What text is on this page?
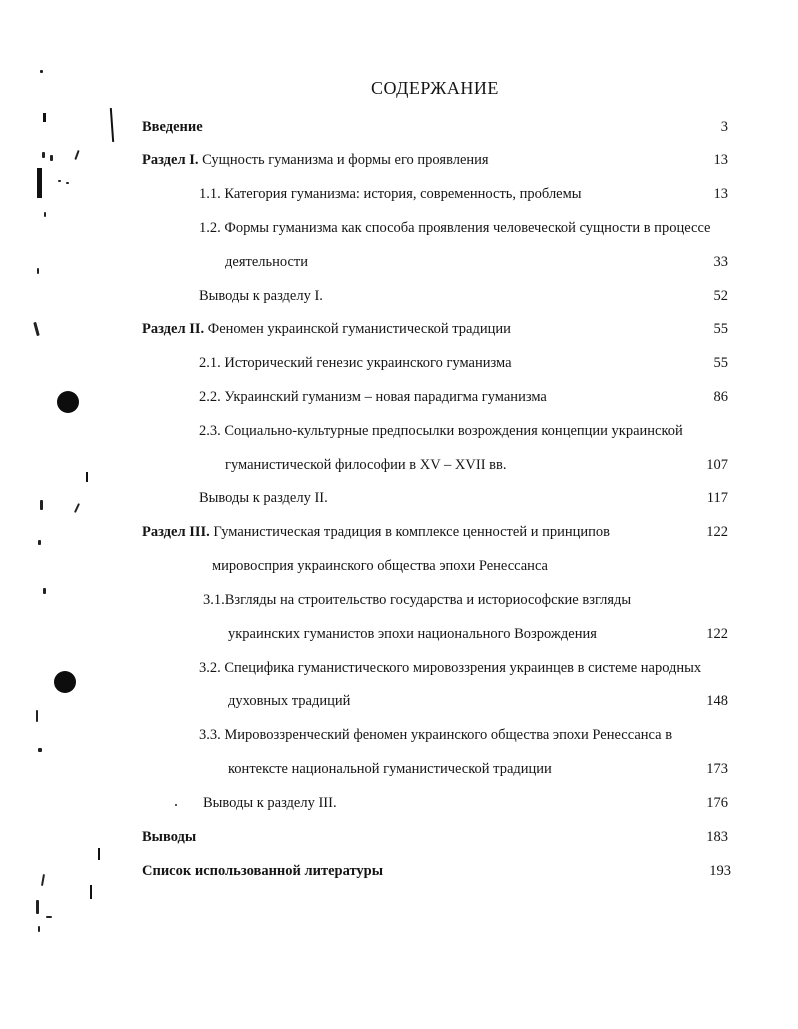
СОДЕРЖАНИЕ
Введение	3
Раздел I. Сущность гуманизма и формы его проявления	13
1.1. Категория гуманизма: история, современность, проблемы	13
1.2. Формы гуманизма как способа проявления человеческой сущности в процессе
деятельности	33
Выводы к разделу I.	52
Раздел II. Феномен украинской гуманистической традиции	55
2.1. Исторический генезис украинского гуманизма	55
2.2. Украинский гуманизм – новая парадигма гуманизма	86
2.3. Социально-культурные предпосылки возрождения концепции украинской
гуманистической философии в XV – XVII вв.	107
Выводы к разделу II.	117
Раздел III. Гуманистическая традиция в комплексе ценностей и принципов	122
мировосприя украинского общества эпохи Ренессанса
3.1.Взгляды на строительство государства и историософские взгляды
украинских гуманистов эпохи национального Возрождения	122
3.2. Специфика гуманистического мировоззрения украинцев в системе народных
духовных традиций	148
3.3. Мировоззренческий феномен украинского общества эпохи Ренессанса в
контексте национальной гуманистической традиции	173
Выводы к разделу III.	176
Выводы	183
Список использованной литературы	193
